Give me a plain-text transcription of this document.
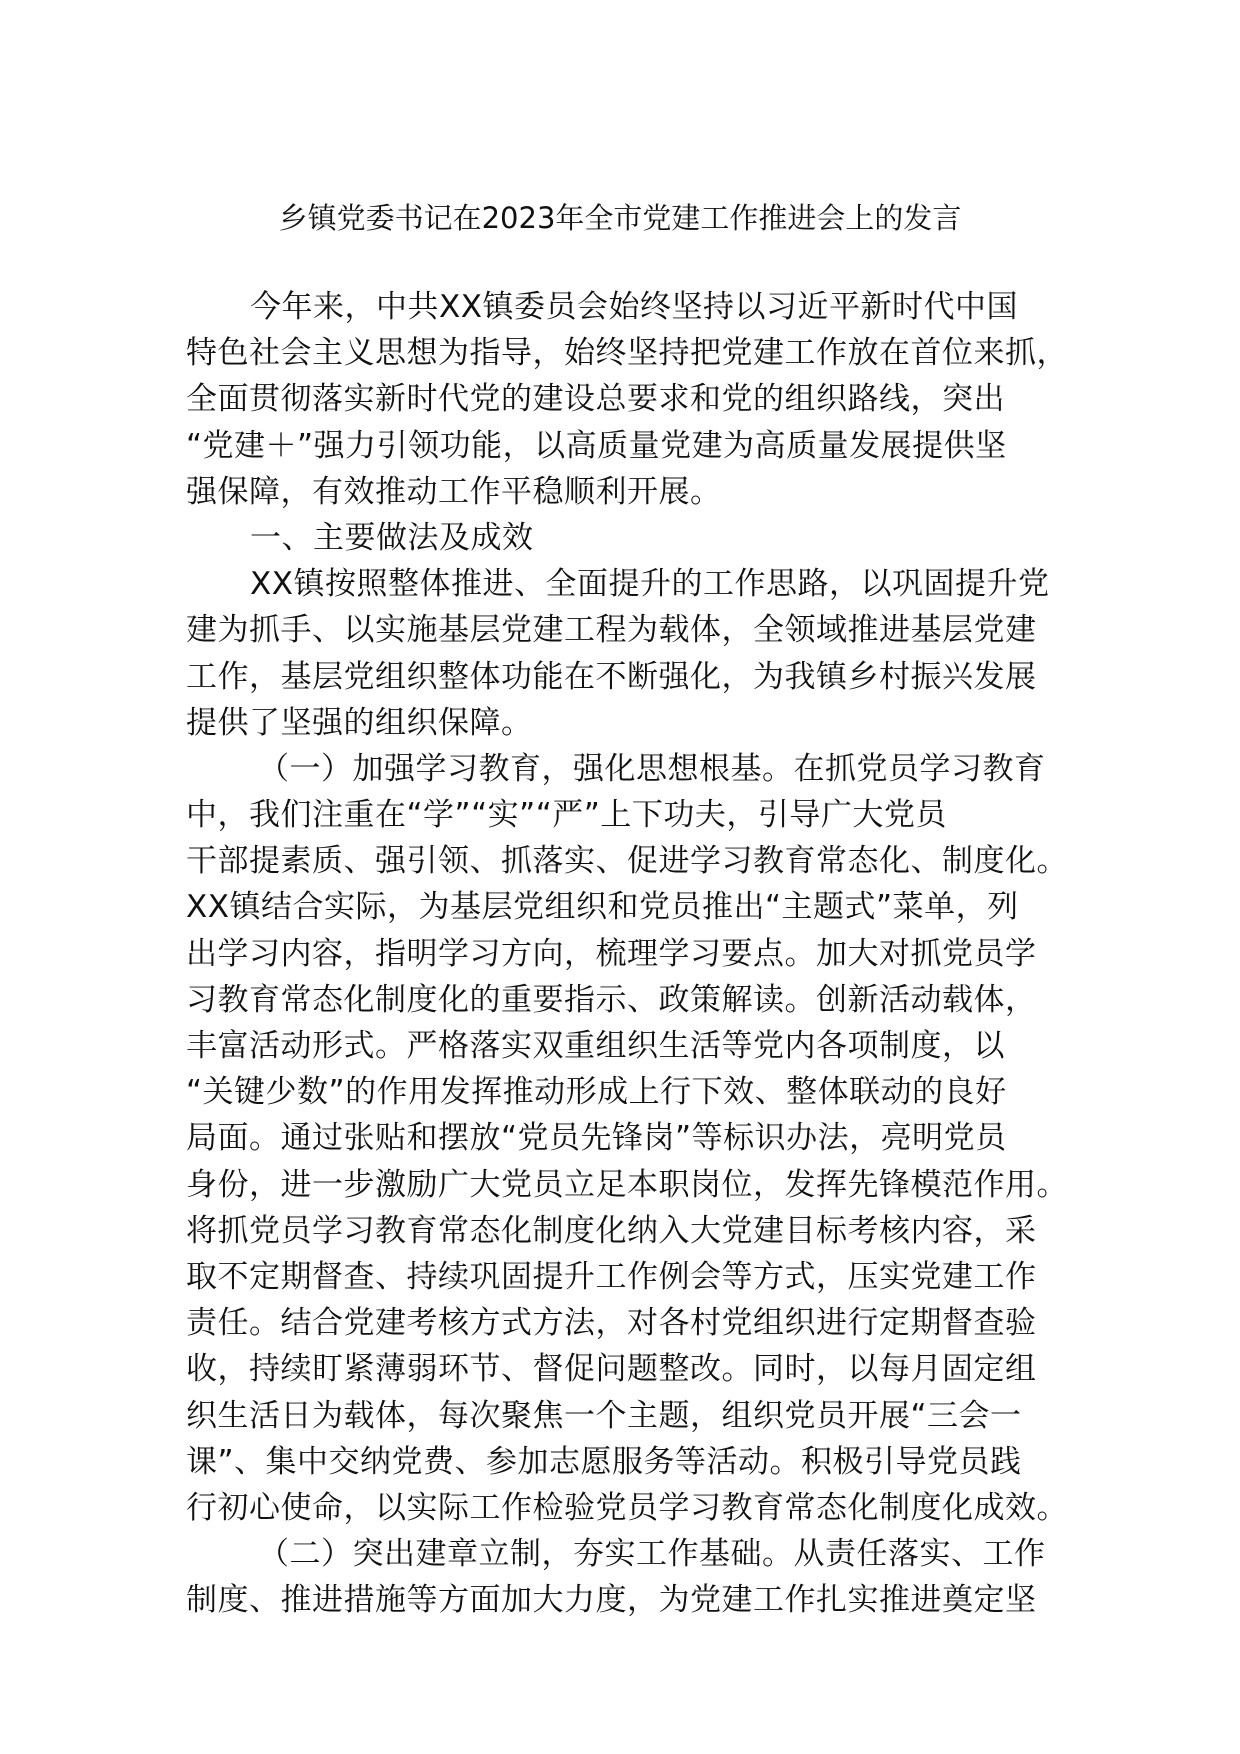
乡镇党委书记在2023年全市党建工作推进会上的发言
今年来，中共XX镇委员会始终坚持以习近平新时代中国
特色社会主义思想为指导，始终坚持把党建工作放在首位来抓，
全面贯彻落实新时代党的建设总要求和党的组织路线，突出
“党建＋”强力引领功能，以高质量党建为高质量发展提供坚
强保障，有效推动工作平稳顺利开展。
一、主要做法及成效
XX镇按照整体推进、全面提升的工作思路，以巩固提升党
建为抓手、以实施基层党建工程为载体，全领域推进基层党建
工作，基层党组织整体功能在不断强化，为我镇乡村振兴发展
提供了坚强的组织保障。
（一）加强学习教育，强化思想根基。在抓党员学习教育
中，我们注重在“学”“实”“严”上下功夫，引导广大党员
干部提素质、强引领、抓落实、促进学习教育常态化、制度化。
XX镇结合实际，为基层党组织和党员推出“主题式”菜单，列
出学习内容，指明学习方向，梳理学习要点。加大对抓党员学
习教育常态化制度化的重要指示、政策解读。创新活动载体，
丰富活动形式。严格落实双重组织生活等党内各项制度，以
“关键少数”的作用发挥推动形成上行下效、整体联动的良好
局面。通过张贴和摆放“党员先锋岗”等标识办法，亮明党员
身份，进一步激励广大党员立足本职岗位，发挥先锋模范作用。
将抓党员学习教育常态化制度化纳入大党建目标考核内容，采
取不定期督查、持续巩固提升工作例会等方式，压实党建工作
责任。结合党建考核方式方法，对各村党组织进行定期督查验
收，持续盯紧薄弱环节、督促问题整改。同时，以每月固定组
织生活日为载体，每次聚焦一个主题，组织党员开展“三会一
课”、集中交纳党费、参加志愿服务等活动。积极引导党员践
行初心使命，以实际工作检验党员学习教育常态化制度化成效。
（二）突出建章立制，夯实工作基础。从责任落实、工作
制度、推进措施等方面加大力度，为党建工作扎实推进奠定坚
